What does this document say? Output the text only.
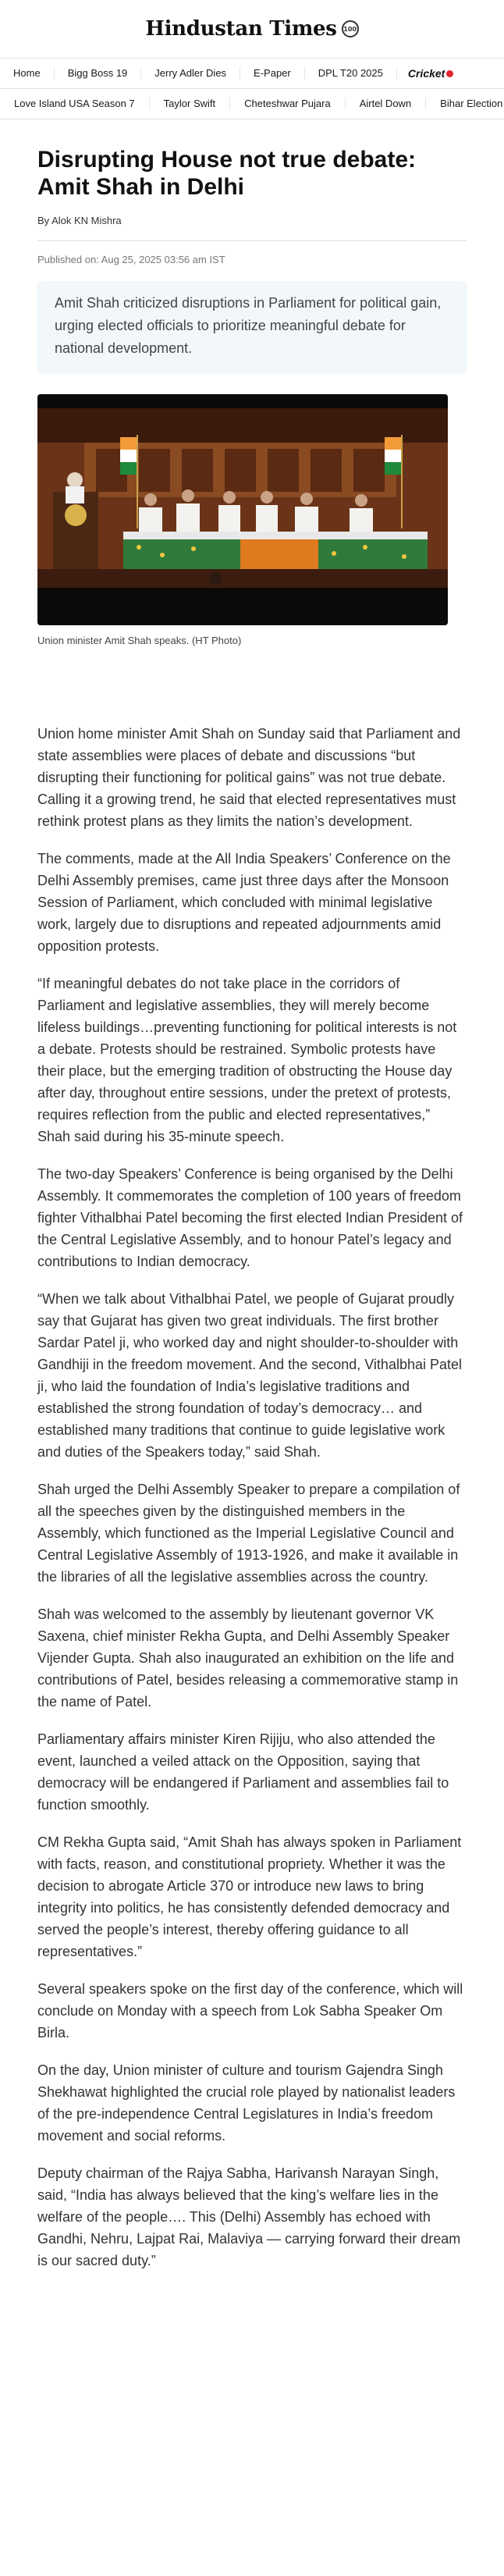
Hindustan Times	100
Home	Bigg Boss 19	Jerry Adler Dies	E-Paper	DPL T20 2025	Cricket
Love Island USA Season 7	Taylor Swift	Cheteshwar Pujara	Airtel Down	Bihar Election
Disrupting House not true debate: Amit Shah in Delhi
By Alok KN Mishra
Published on: Aug 25, 2025 03:56 am IST
Amit Shah criticized disruptions in Parliament for political gain, urging elected officials to prioritize meaningful debate for national development.
Union minister Amit Shah speaks. (HT Photo)

Union home minister Amit Shah on Sunday said that Parliament and state assemblies were places of debate and discussions “but disrupting their functioning for political gains” was not true debate. Calling it a growing trend, he said that elected representatives must rethink protest plans as they limits the nation’s development.

The comments, made at the All India Speakers’ Conference on the Delhi Assembly premises, came just three days after the Monsoon Session of Parliament, which concluded with minimal legislative work, largely due to disruptions and repeated adjournments amid opposition protests.

“If meaningful debates do not take place in the corridors of Parliament and legislative assemblies, they will merely become lifeless buildings…preventing functioning for political interests is not a debate. Protests should be restrained. Symbolic protests have their place, but the emerging tradition of obstructing the House day after day, throughout entire sessions, under the pretext of protests, requires reflection from the public and elected representatives,” Shah said during his 35-minute speech.

The two-day Speakers’ Conference is being organised by the Delhi Assembly. It commemorates the completion of 100 years of freedom fighter Vithalbhai Patel becoming the first elected Indian President of the Central Legislative Assembly, and to honour Patel’s legacy and contributions to Indian democracy.

“When we talk about Vithalbhai Patel, we people of Gujarat proudly say that Gujarat has given two great individuals. The first brother Sardar Patel ji, who worked day and night shoulder-to-shoulder with Gandhiji in the freedom movement. And the second, Vithalbhai Patel ji, who laid the foundation of India’s legislative traditions and established the strong foundation of today’s democracy… and established many traditions that continue to guide legislative work and duties of the Speakers today,” said Shah.

Shah urged the Delhi Assembly Speaker to prepare a compilation of all the speeches given by the distinguished members in the Assembly, which functioned as the Imperial Legislative Council and Central Legislative Assembly of 1913-1926, and make it available in the libraries of all the legislative assemblies across the country.

Shah was welcomed to the assembly by lieutenant governor VK Saxena, chief minister Rekha Gupta, and Delhi Assembly Speaker Vijender Gupta. Shah also inaugurated an exhibition on the life and contributions of Patel, besides releasing a commemorative stamp in the name of Patel.

Parliamentary affairs minister Kiren Rijiju, who also attended the event, launched a veiled attack on the Opposition, saying that democracy will be endangered if Parliament and assemblies fail to function smoothly.

CM Rekha Gupta said, “Amit Shah has always spoken in Parliament with facts, reason, and constitutional propriety. Whether it was the decision to abrogate Article 370 or introduce new laws to bring integrity into politics, he has consistently defended democracy and served the people’s interest, thereby offering guidance to all representatives.”

Several speakers spoke on the first day of the conference, which will conclude on Monday with a speech from Lok Sabha Speaker Om Birla.

On the day, Union minister of culture and tourism Gajendra Singh Shekhawat highlighted the crucial role played by nationalist leaders of the pre-independence Central Legislatures in India’s freedom movement and social reforms.

Deputy chairman of the Rajya Sabha, Harivansh Narayan Singh, said, “India has always believed that the king’s welfare lies in the welfare of the people…. This (Delhi) Assembly has echoed with Gandhi, Nehru, Lajpat Rai, Malaviya — carrying forward their dream is our sacred duty.”
